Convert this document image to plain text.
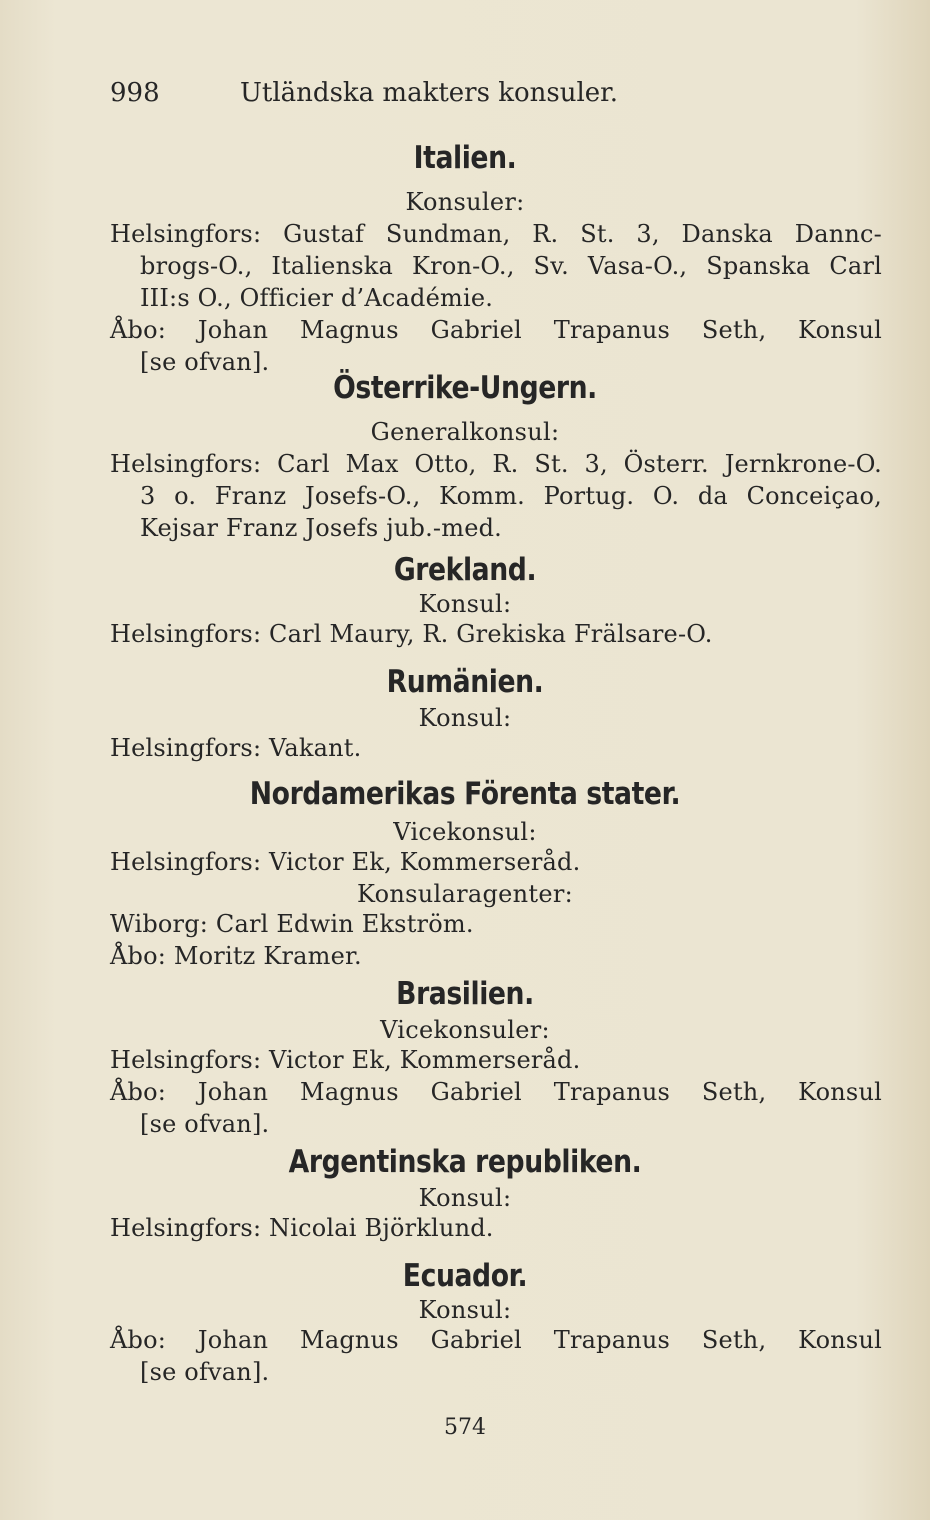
998	Utländska makters konsuler.
Italien.
Konsuler:
Helsingfors: Gustaf Sundman, R. St. 3, Danska Dannc-
brogs-O., Italienska Kron-O., Sv. Vasa-O., Spanska Carl
III:s O., Officier d’Académie.
Åbo: Johan Magnus Gabriel Trapanus Seth, Konsul
[se ofvan].
Österrike-Ungern.
Generalkonsul:
Helsingfors: Carl Max Otto, R. St. 3, Österr. Jernkrone-O.
3 o. Franz Josefs-O., Komm. Portug. O. da Conceiçao,
Kejsar Franz Josefs jub.-med.
Grekland.
Konsul:
Helsingfors: Carl Maury, R. Grekiska Frälsare-O.
Rumänien.
Konsul:
Helsingfors: Vakant.
Nordamerikas Förenta stater.
Vicekonsul:
Helsingfors: Victor Ek, Kommerseråd.
Konsularagenter:
Wiborg: Carl Edwin Ekström.
Åbo: Moritz Kramer.
Brasilien.
Vicekonsuler:
Helsingfors: Victor Ek, Kommerseråd.
Åbo: Johan Magnus Gabriel Trapanus Seth, Konsul
[se ofvan].
Argentinska republiken.
Konsul:
Helsingfors: Nicolai Björklund.
Ecuador.
Konsul:
Åbo: Johan Magnus Gabriel Trapanus Seth, Konsul
[se ofvan].
574
